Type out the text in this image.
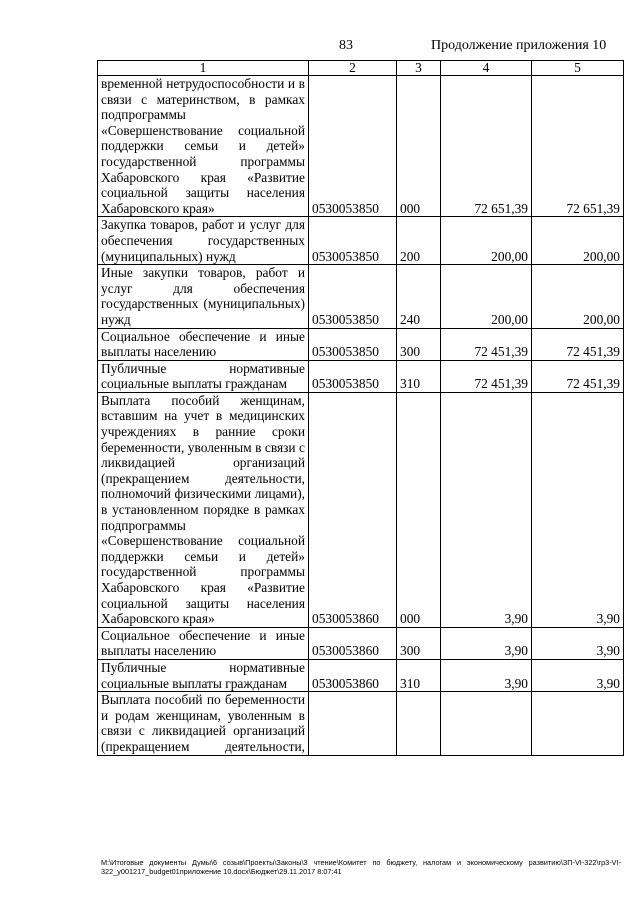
83	Продолжение приложения 10
1	2	3	4	5
временной нетрудоспособности и в связи с материнством, в рамках подпрограммы «Совершенствование социальной поддержки семьи и детей» государственной программы Хабаровского края «Развитие социальной защиты населения Хабаровского края»	0530053850	000	72 651,39	72 651,39
Закупка товаров, работ и услуг для обеспечения государственных (муниципальных) нужд	0530053850	200	200,00	200,00
Иные закупки товаров, работ и услуг для обеспечения государственных (муниципальных) нужд	0530053850	240	200,00	200,00
Социальное обеспечение и иные выплаты населению	0530053850	300	72 451,39	72 451,39
Публичные нормативные социальные выплаты гражданам	0530053850	310	72 451,39	72 451,39
Выплата пособий женщинам, вставшим на учет в медицинских учреждениях в ранние сроки беременности, уволенным в связи с ликвидацией организаций (прекращением деятельности, полномочий физическими лицами), в установленном порядке в рамках подпрограммы «Совершенствование социальной поддержки семьи и детей» государственной программы Хабаровского края «Развитие социальной защиты населения Хабаровского края»	0530053860	000	3,90	3,90
Социальное обеспечение и иные выплаты населению	0530053860	300	3,90	3,90
Публичные нормативные социальные выплаты гражданам	0530053860	310	3,90	3,90
Выплата пособий по беременности и родам женщинам, уволенным в связи с ликвидацией организаций (прекращением деятельности,				
M:\Итоговые документы Думы\6 созыв\Проекты\Законы\3 чтение\Комитет по бюджету, налогам и экономическому развитию\ЗП-VI-322\гр3-VI-322_у001217_budget01приложение 10.docx\Бюджет\29.11.2017 8:07:41
